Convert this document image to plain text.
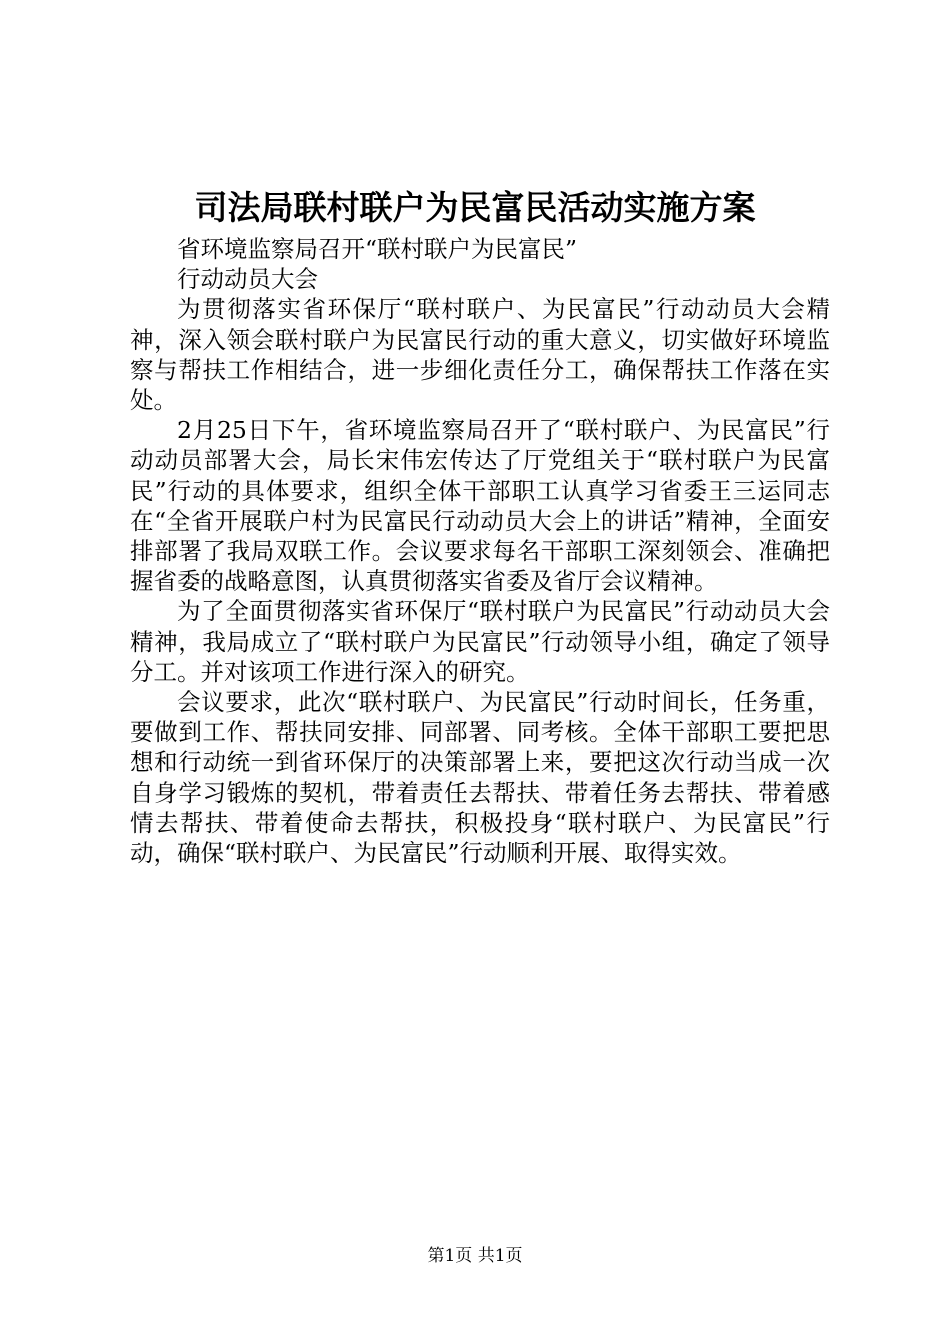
司法局联村联户为民富民活动实施方案

省环境监察局召开“联村联户为民富民”

行动动员大会

为贯彻落实省环保厅“联村联户、为民富民”行动动员大会精神，深入领会联村联户为民富民行动的重大意义，切实做好环境监察与帮扶工作相结合，进一步细化责任分工，确保帮扶工作落在实处。

2月25日下午，省环境监察局召开了“联村联户、为民富民”行动动员部署大会，局长宋伟宏传达了厅党组关于“联村联户为民富民”行动的具体要求，组织全体干部职工认真学习省委王三运同志在“全省开展联户村为民富民行动动员大会上的讲话”精神，全面安排部署了我局双联工作。会议要求每名干部职工深刻领会、准确把握省委的战略意图，认真贯彻落实省委及省厅会议精神。

为了全面贯彻落实省环保厅“联村联户为民富民”行动动员大会精神，我局成立了“联村联户为民富民”行动领导小组，确定了领导分工。并对该项工作进行深入的研究。

会议要求，此次“联村联户、为民富民”行动时间长，任务重，要做到工作、帮扶同安排、同部署、同考核。全体干部职工要把思想和行动统一到省环保厅的决策部署上来，要把这次行动当成一次自身学习锻炼的契机，带着责任去帮扶、带着任务去帮扶、带着感情去帮扶、带着使命去帮扶，积极投身“联村联户、为民富民”行动，确保“联村联户、为民富民”行动顺利开展、取得实效。

第1页 共1页
